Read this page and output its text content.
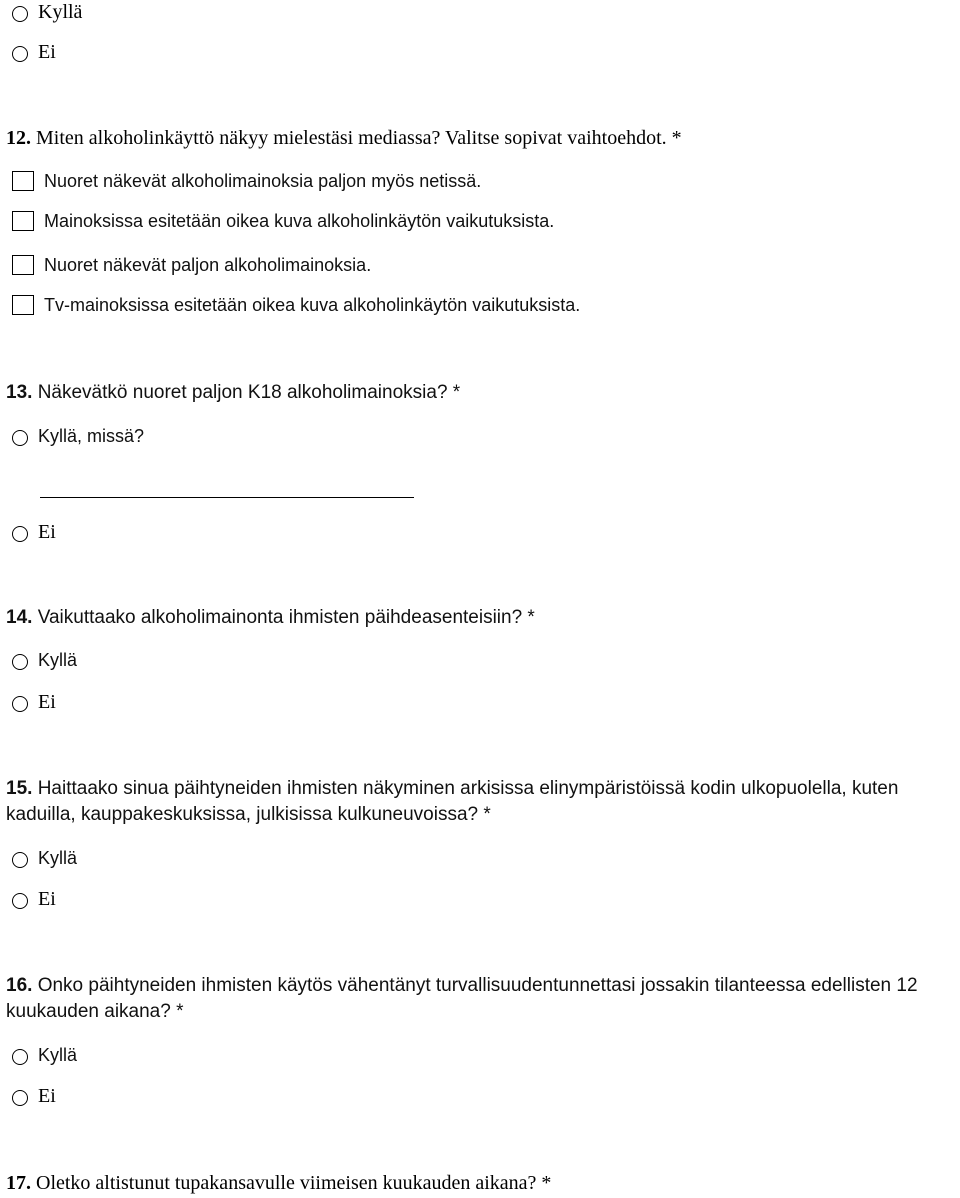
Kyllä
Ei
12. Miten alkoholinkäyttö näkyy mielestäsi mediassa? Valitse sopivat vaihtoehdot. *
Nuoret näkevät alkoholimainoksia paljon myös netissä.
Mainoksissa esitetään oikea kuva alkoholinkäytön vaikutuksista.
Nuoret näkevät paljon alkoholimainoksia.
Tv-mainoksissa esitetään oikea kuva alkoholinkäytön vaikutuksista.
13. Näkevätkö nuoret paljon K18 alkoholimainoksia? *
Kyllä, missä?
Ei
14. Vaikuttaako alkoholimainonta ihmisten päihdeasenteisiin? *
Kyllä
Ei
15. Haittaako sinua päihtyneiden ihmisten näkyminen arkisissa elinympäristöissä kodin ulkopuolella, kuten kaduilla, kauppakeskuksissa, julkisissa kulkuneuvoissa? *
Kyllä
Ei
16. Onko päihtyneiden ihmisten käytös vähentänyt turvallisuudentunnettasi jossakin tilanteessa edellisten 12 kuukauden aikana? *
Kyllä
Ei
17. Oletko altistunut tupakansavulle viimeisen kuukauden aikana? *
